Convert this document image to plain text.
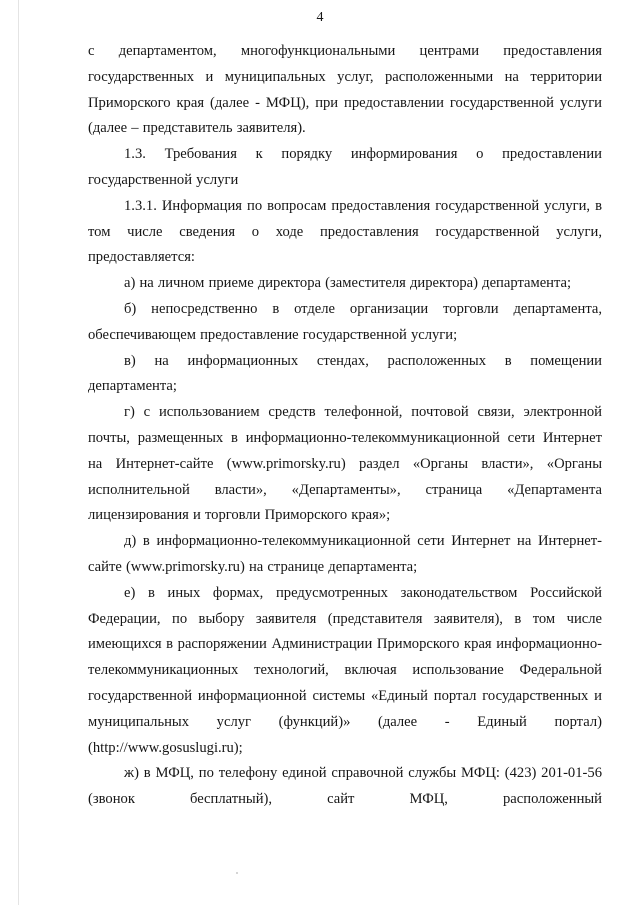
4

с департаментом, многофункциональными центрами предоставления государственных и муниципальных услуг, расположенными на территории Приморского края (далее - МФЦ), при предоставлении государственной услуги (далее – представитель заявителя).

1.3. Требования к порядку информирования о предоставлении государственной услуги

1.3.1. Информация по вопросам предоставления государственной услуги, в том числе сведения о ходе предоставления государственной услуги, предоставляется:

а) на личном приеме директора (заместителя директора) департамента;

б) непосредственно в отделе организации торговли департамента, обеспечивающем предоставление государственной услуги;

в) на информационных стендах, расположенных в помещении департамента;

г) с использованием средств телефонной, почтовой связи, электронной почты, размещенных в информационно-телекоммуникационной сети Интернет на Интернет-сайте (www.primorsky.ru) раздел «Органы власти», «Органы исполнительной власти», «Департаменты», страница «Департамента лицензирования и торговли Приморского края»;

д) в информационно-телекоммуникационной сети Интернет на Интернет-сайте (www.primorsky.ru) на странице департамента;

е) в иных формах, предусмотренных законодательством Российской Федерации, по выбору заявителя (представителя заявителя), в том числе имеющихся в распоряжении Администрации Приморского края информационно-телекоммуникационных технологий, включая использование Федеральной государственной информационной системы «Единый портал государственных и муниципальных услуг (функций)» (далее - Единый портал) (http://www.gosuslugi.ru);

ж) в МФЦ, по телефону единой справочной службы МФЦ: (423) 201-01-56 (звонок бесплатный), сайт МФЦ, расположенный
